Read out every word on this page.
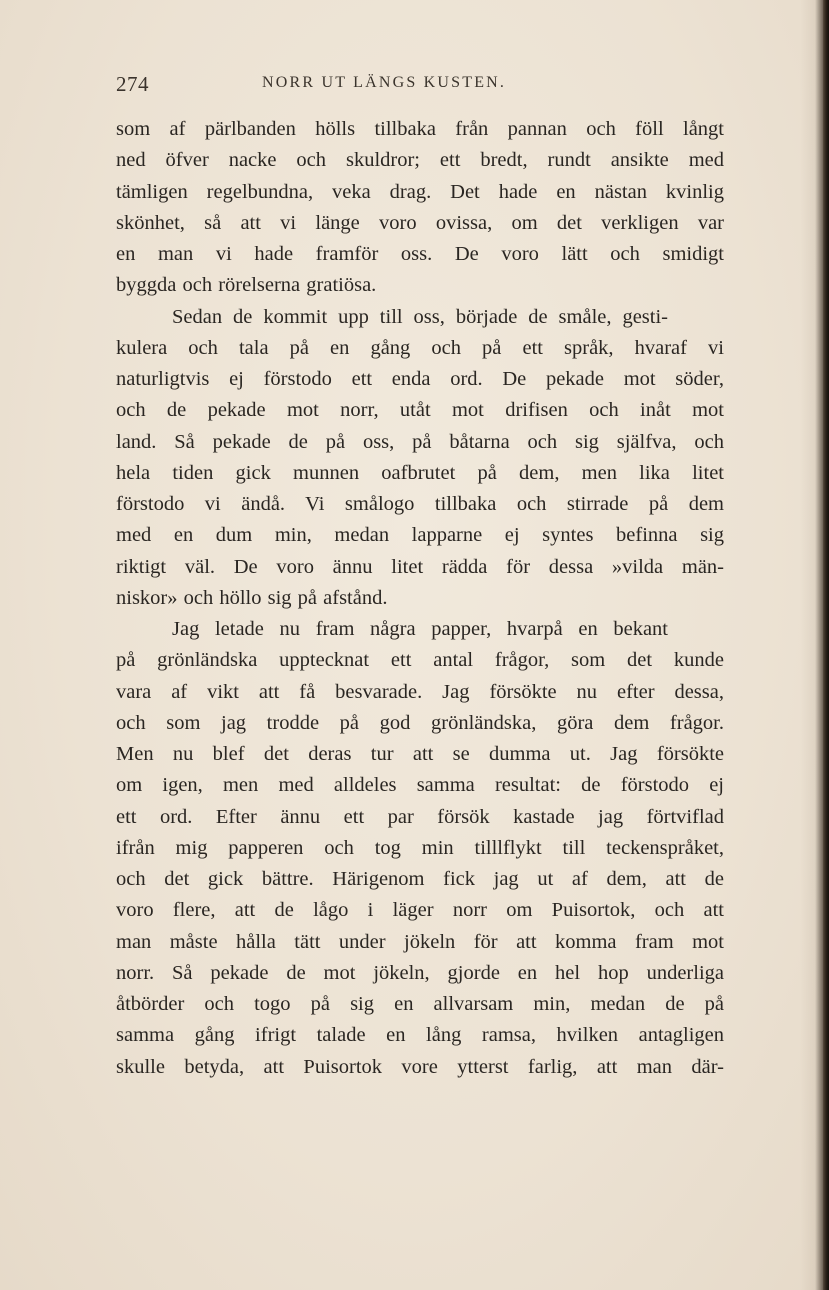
274	NORR UT LÄNGS KUSTEN.
som af pärlbanden hölls tillbaka från pannan och föll långt
ned öfver nacke och skuldror; ett bredt, rundt ansikte med
tämligen regelbundna, veka drag. Det hade en nästan kvinlig
skönhet, så att vi länge voro ovissa, om det verkligen var
en man vi hade framför oss. De voro lätt och smidigt
byggda och rörelserna gratiösa.
Sedan de kommit upp till oss, började de småle, gesti-
kulera och tala på en gång och på ett språk, hvaraf vi
naturligtvis ej förstodo ett enda ord. De pekade mot söder,
och de pekade mot norr, utåt mot drifisen och inåt mot
land. Så pekade de på oss, på båtarna och sig själfva, och
hela tiden gick munnen oafbrutet på dem, men lika litet
förstodo vi ändå. Vi smålogo tillbaka och stirrade på dem
med en dum min, medan lapparne ej syntes befinna sig
riktigt väl. De voro ännu litet rädda för dessa »vilda män-
niskor» och höllo sig på afstånd.
Jag letade nu fram några papper, hvarpå en bekant
på grönländska upptecknat ett antal frågor, som det kunde
vara af vikt att få besvarade. Jag försökte nu efter dessa,
och som jag trodde på god grönländska, göra dem frågor.
Men nu blef det deras tur att se dumma ut. Jag försökte
om igen, men med alldeles samma resultat: de förstodo ej
ett ord. Efter ännu ett par försök kastade jag förtviflad
ifrån mig papperen och tog min tilllflykt till teckenspråket,
och det gick bättre. Härigenom fick jag ut af dem, att de
voro flere, att de lågo i läger norr om Puisortok, och att
man måste hålla tätt under jökeln för att komma fram mot
norr. Så pekade de mot jökeln, gjorde en hel hop underliga
åtbörder och togo på sig en allvarsam min, medan de på
samma gång ifrigt talade en lång ramsa, hvilken antagligen
skulle betyda, att Puisortok vore ytterst farlig, att man där-
